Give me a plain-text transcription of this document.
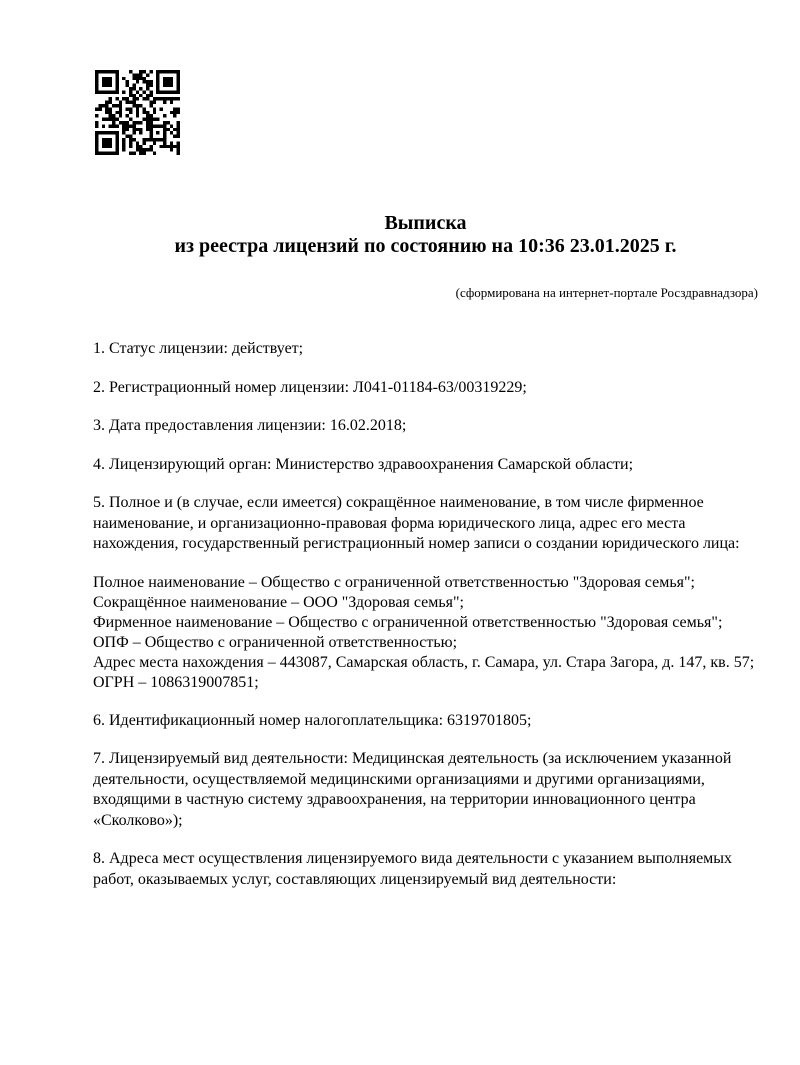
Выписка
из реестра лицензий по состоянию на 10:36 23.01.2025 г.
(сформирована на интернет-портале Росздравнадзора)

1. Статус лицензии: действует;

2. Регистрационный номер лицензии: Л041-01184-63/00319229;

3. Дата предоставления лицензии: 16.02.2018;

4. Лицензирующий орган: Министерство здравоохранения Самарской области;

5. Полное и (в случае, если имеется) сокращённое наименование, в том числе фирменное наименование, и организационно-правовая форма юридического лица, адрес его места нахождения, государственный регистрационный номер записи о создании юридического лица:

Полное наименование – Общество с ограниченной ответственностью "Здоровая семья";

Сокращённое наименование – ООО "Здоровая семья";

Фирменное наименование – Общество с ограниченной ответственностью "Здоровая семья";

ОПФ – Общество с ограниченной ответственностью;

Адрес места нахождения – 443087, Самарская область, г. Самара, ул. Стара Загора, д. 147, кв. 57;

ОГРН – 1086319007851;

6. Идентификационный номер налогоплательщика: 6319701805;

7. Лицензируемый вид деятельности: Медицинская деятельность (за исключением указанной деятельности, осуществляемой медицинскими организациями и другими организациями, входящими в частную систему здравоохранения, на территории инновационного центра «Сколково»);

8. Адреса мест осуществления лицензируемого вида деятельности с указанием выполняемых работ, оказываемых услуг, составляющих лицензируемый вид деятельности:
